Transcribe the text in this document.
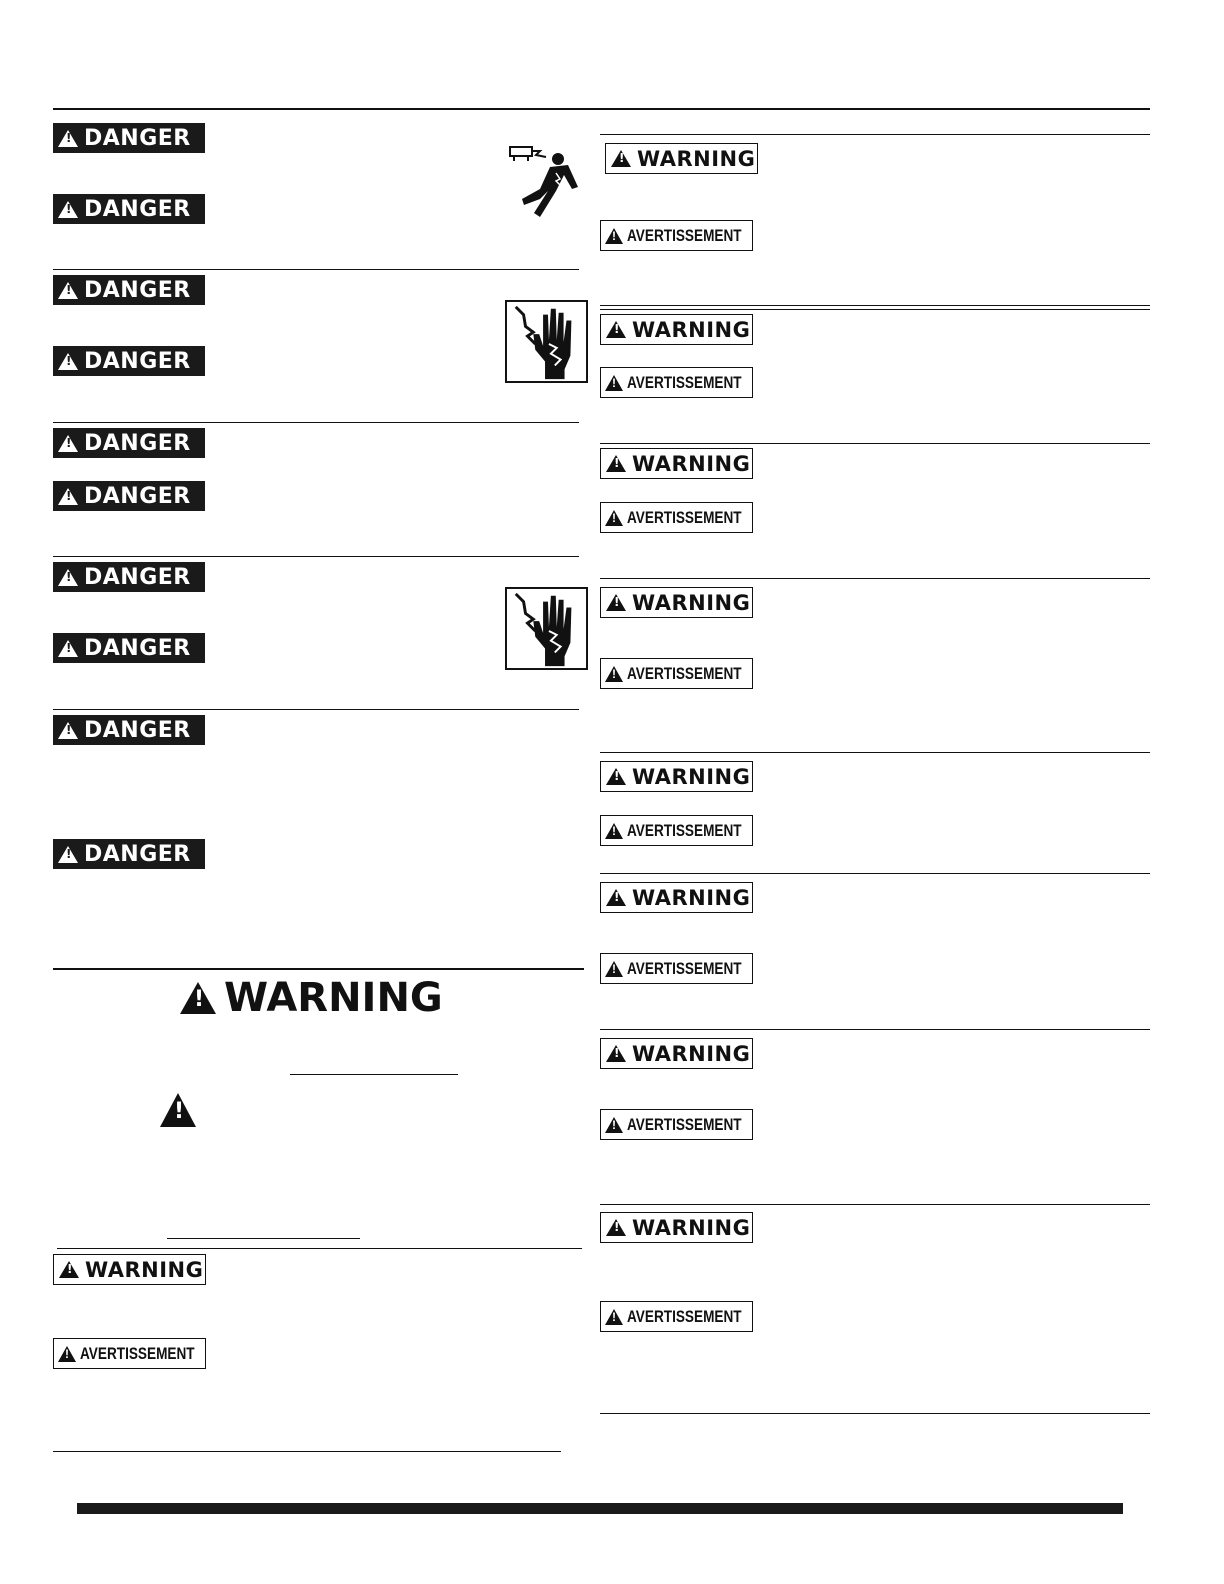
!
DANGER
!
DANGER
!
DANGER
!
DANGER
!
DANGER
!
DANGER
!
DANGER
!
DANGER
!
DANGER
!
DANGER
!
WARNING
!
!
WARNING
!
AVERTISSEMENT
!
WARNING
!
AVERTISSEMENT
!
WARNING
!
AVERTISSEMENT
!
WARNING
!
AVERTISSEMENT
!
WARNING
!
AVERTISSEMENT
!
WARNING
!
AVERTISSEMENT
!
WARNING
!
AVERTISSEMENT
!
WARNING
!
AVERTISSEMENT
!
WARNING
!
AVERTISSEMENT
